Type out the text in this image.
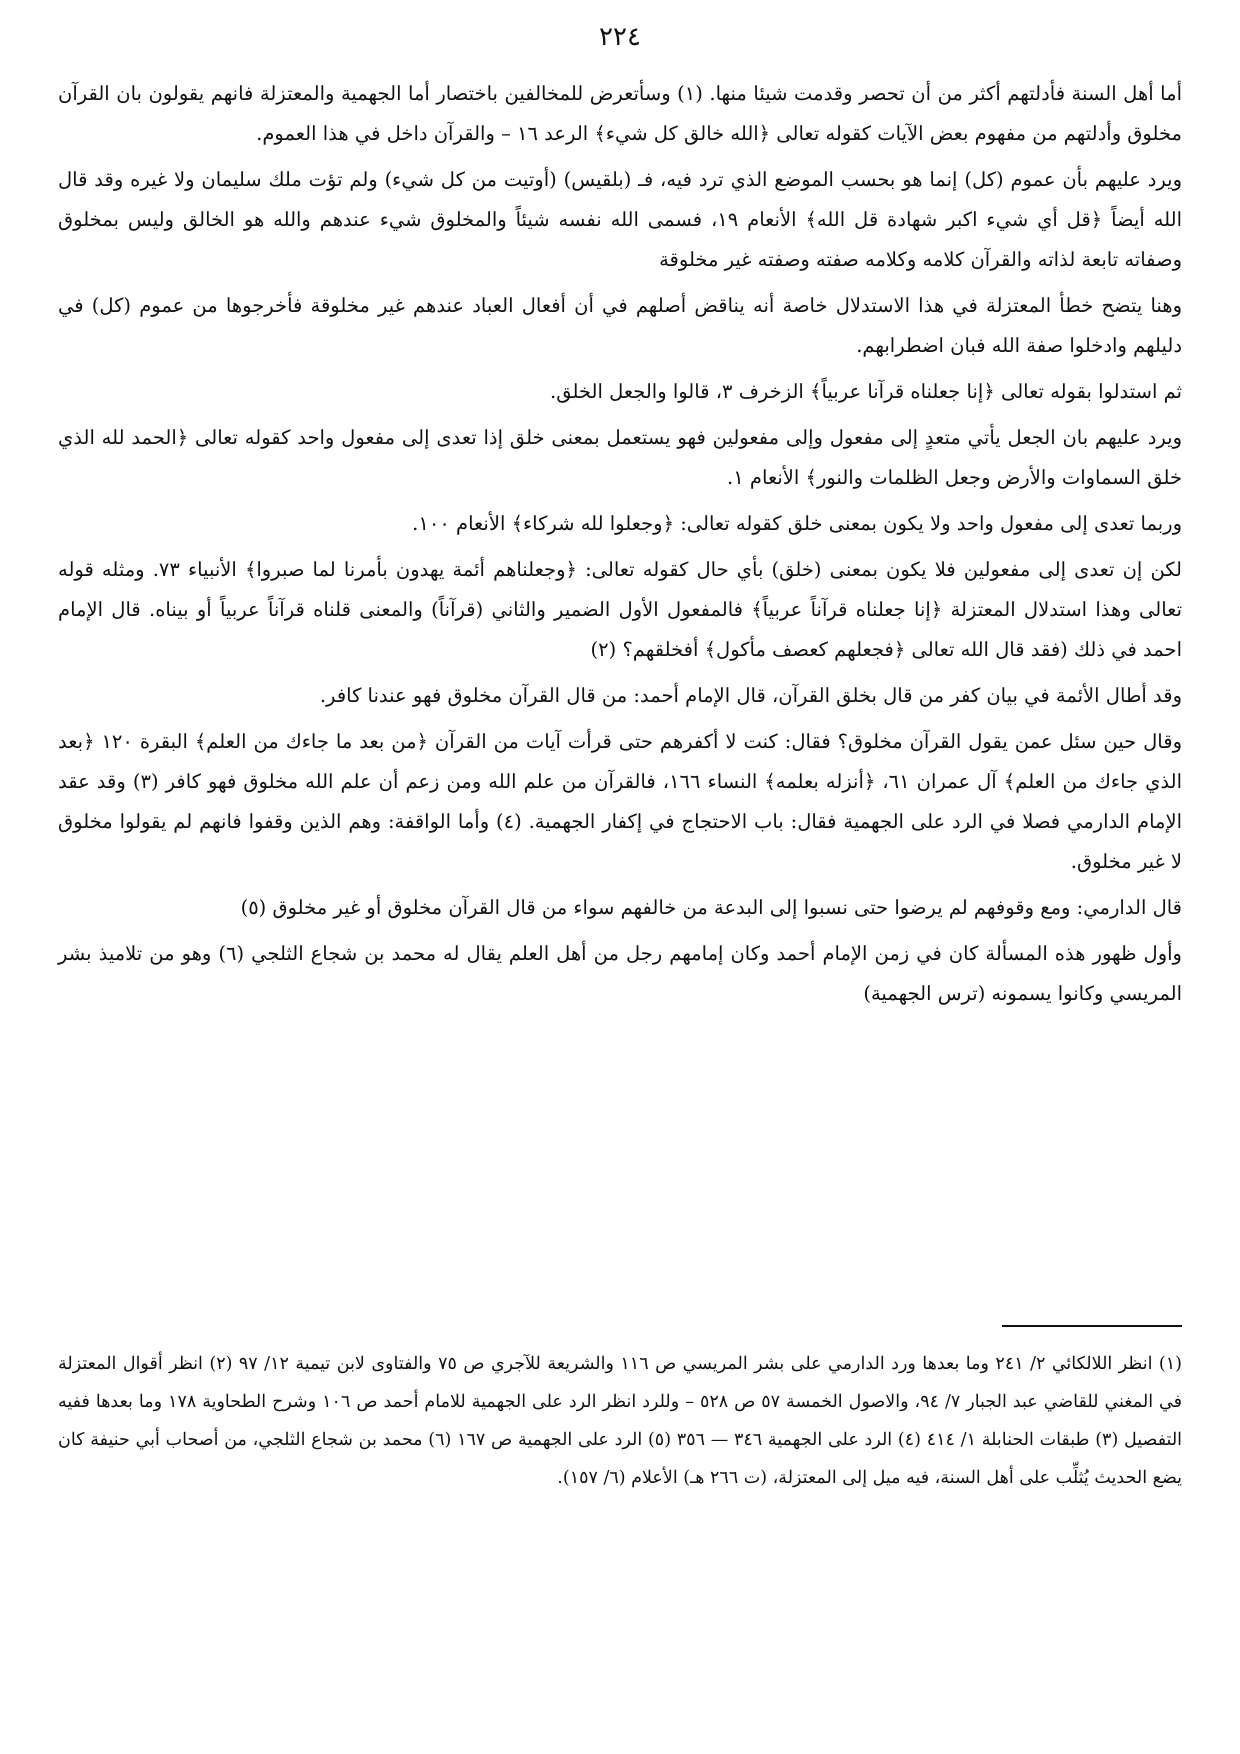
٢٢٤

أما أهل السنة فأدلتهم أكثر من أن تحصر وقدمت شيئا منها. (١) وسأتعرض للمخالفين باختصار أما الجهمية والمعتزلة فانهم يقولون بان القرآن مخلوق وأدلتهم من مفهوم بعض الآيات كقوله تعالى ﴿الله خالق كل شيء﴾ الرعد ١٦ – والقرآن داخل في هذا العموم.

ويرد عليهم بأن عموم (كل) إنما هو بحسب الموضع الذي ترد فيه، فـ (بلقيس) (أوتيت من كل شيء) ولم تؤت ملك سليمان ولا غيره وقد قال الله أيضاً ﴿قل أي شيء اكبر شهادة قل الله﴾ الأنعام ١٩، فسمى الله نفسه شيئاً والمخلوق شيء عندهم والله هو الخالق وليس بمخلوق وصفاته تابعة لذاته والقرآن كلامه وكلامه صفته وصفته غير مخلوقة

وهنا يتضح خطأ المعتزلة في هذا الاستدلال خاصة أنه يناقض أصلهم في أن أفعال العباد عندهم غير مخلوقة فأخرجوها من عموم (كل) في دليلهم وادخلوا صفة الله فبان اضطرابهم.

ثم استدلوا بقوله تعالى ﴿إنا جعلناه قرآنا عربياً﴾ الزخرف ٣، قالوا والجعل الخلق.

ويرد عليهم بان الجعل يأتي متعدٍ إلى مفعول وإلى مفعولين فهو يستعمل بمعنى خلق إذا تعدى إلى مفعول واحد كقوله تعالى ﴿الحمد لله الذي خلق السماوات والأرض وجعل الظلمات والنور﴾ الأنعام ١.

وربما تعدى إلى مفعول واحد ولا يكون بمعنى خلق كقوله تعالى: ﴿وجعلوا لله شركاء﴾ الأنعام ١٠٠.

لكن إن تعدى إلى مفعولين فلا يكون بمعنى (خلق) بأي حال كقوله تعالى: ﴿وجعلناهم أئمة يهدون بأمرنا لما صبروا﴾ الأنبياء ٧٣. ومثله قوله تعالى وهذا استدلال المعتزلة ﴿إنا جعلناه قرآناً عربياً﴾ فالمفعول الأول الضمير والثاني (قرآناً) والمعنى قلناه قرآناً عربياً أو بيناه. قال الإمام احمد في ذلك (فقد قال الله تعالى ﴿فجعلهم كعصف مأكول﴾ أفخلقهم؟ (٢)

وقد أطال الأئمة في بيان كفر من قال بخلق القرآن، قال الإمام أحمد: من قال القرآن مخلوق فهو عندنا كافر.

وقال حين سئل عمن يقول القرآن مخلوق؟ فقال: كنت لا أكفرهم حتى قرأت آيات من القرآن ﴿من بعد ما جاءك من العلم﴾ البقرة ١٢٠ ﴿بعد الذي جاءك من العلم﴾ آل عمران ٦١، ﴿أنزله بعلمه﴾ النساء ١٦٦، فالقرآن من علم الله ومن زعم أن علم الله مخلوق فهو كافر (٣) وقد عقد الإمام الدارمي فصلا في الرد على الجهمية فقال: باب الاحتجاج في إكفار الجهمية. (٤) وأما الواقفة: وهم الذين وقفوا فانهم لم يقولوا مخلوق لا غير مخلوق.

قال الدارمي: ومع وقوفهم لم يرضوا حتى نسبوا إلى البدعة من خالفهم سواء من قال القرآن مخلوق أو غير مخلوق (٥)

وأول ظهور هذه المسألة كان في زمن الإمام أحمد وكان إمامهم رجل من أهل العلم يقال له محمد بن شجاع الثلجي (٦) وهو من تلاميذ بشر المريسي وكانوا يسمونه (ترس الجهمية)

(١) انظر اللالكائي ٢/ ٢٤١ وما بعدها ورد الدارمي على بشر المريسي ص ١١٦ والشريعة للآجري ص ٧٥ والفتاوى لابن تيمية ١٢/ ٩٧ (٢) انظر أقوال المعتزلة في المغني للقاضي عبد الجبار ٧/ ٩٤، والاصول الخمسة ٥٧ ص ٥٢٨ – وللرد انظر الرد على الجهمية للامام أحمد ص ١٠٦ وشرح الطحاوية ١٧٨ وما بعدها ففيه التفصيل (٣) طبقات الحنابلة ١/ ٤١٤ (٤) الرد على الجهمية ٣٤٦ — ٣٥٦ (٥) الرد على الجهمية ص ١٦٧ (٦) محمد بن شجاع الثلجي، من أصحاب أبي حنيفة كان يضع الحديث يُثلِّب على أهل السنة، فيه ميل إلى المعتزلة، (ت ٢٦٦ هـ) الأعلام (٦/ ١٥٧).
